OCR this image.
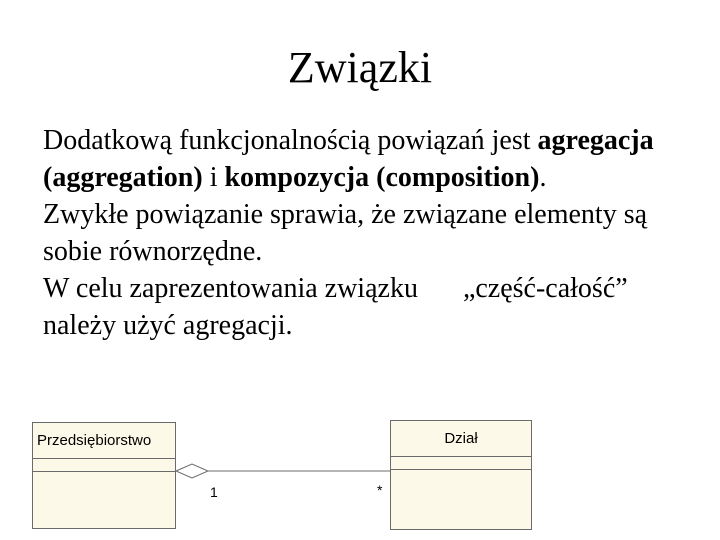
Związki

Dodatkową funkcjonalnością powiązań jest agregacja (aggregation) i kompozycja (composition).

Zwykłe powiązanie sprawia, że związane elementy są sobie równorzędne.

W celu zaprezentowania związku „część-całość” należy użyć agregacji.

Przedsiębiorstwo	Dział
1	*
